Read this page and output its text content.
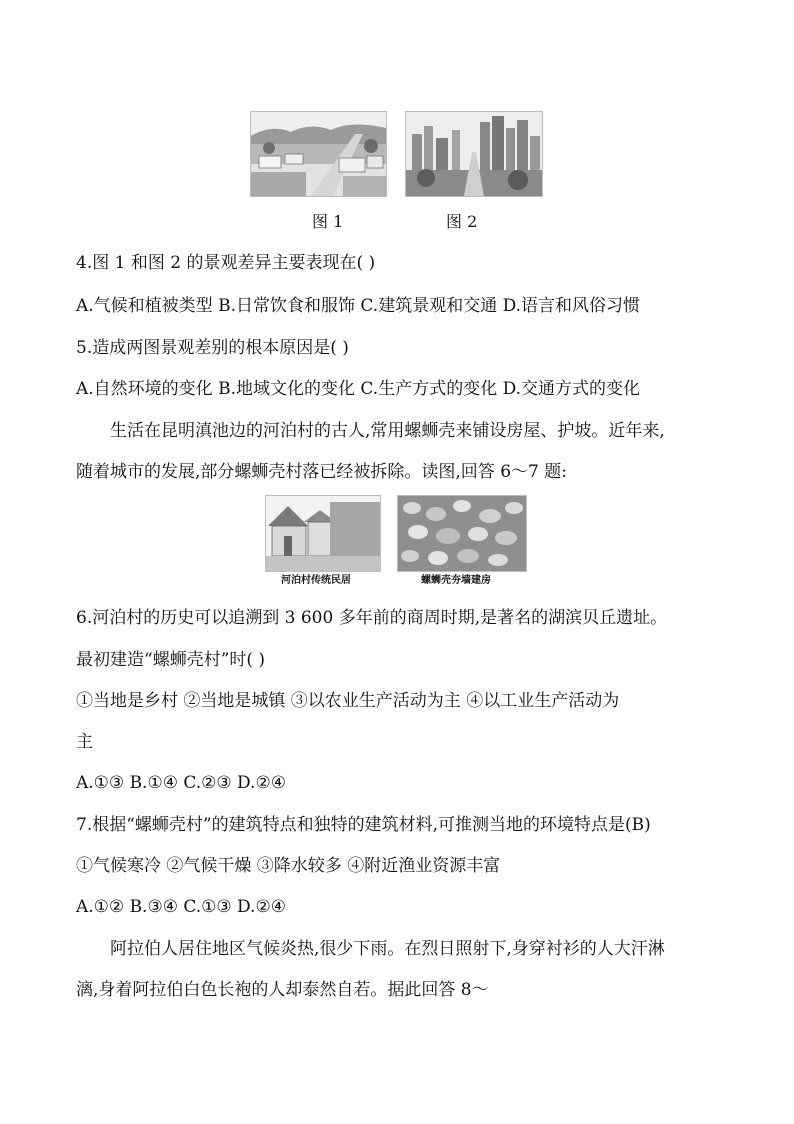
图 1	图 2
4.图 1 和图 2 的景观差异主要表现在( )
A.气候和植被类型 B.日常饮食和服饰 C.建筑景观和交通 D.语言和风俗习惯
5.造成两图景观差别的根本原因是( )
A.自然环境的变化 B.地域文化的变化 C.生产方式的变化 D.交通方式的变化
生活在昆明滇池边的河泊村的古人,常用螺蛳壳来铺设房屋、护坡。近年来,
随着城市的发展,部分螺蛳壳村落已经被拆除。读图,回答 6～7 题:
河泊村传统民居	螺蛳壳夯墙建房
6.河泊村的历史可以追溯到 3 600 多年前的商周时期,是著名的湖滨贝丘遗址。
最初建造“螺蛳壳村”时( )
①当地是乡村 ②当地是城镇 ③以农业生产活动为主 ④以工业生产活动为
主
A.①③ B.①④ C.②③ D.②④
7.根据“螺蛳壳村”的建筑特点和独特的建筑材料,可推测当地的环境特点是(B)
①气候寒冷 ②气候干燥 ③降水较多 ④附近渔业资源丰富
A.①② B.③④ C.①③ D.②④
阿拉伯人居住地区气候炎热,很少下雨。在烈日照射下,身穿衬衫的人大汗淋
漓,身着阿拉伯白色长袍的人却泰然自若。据此回答 8～
